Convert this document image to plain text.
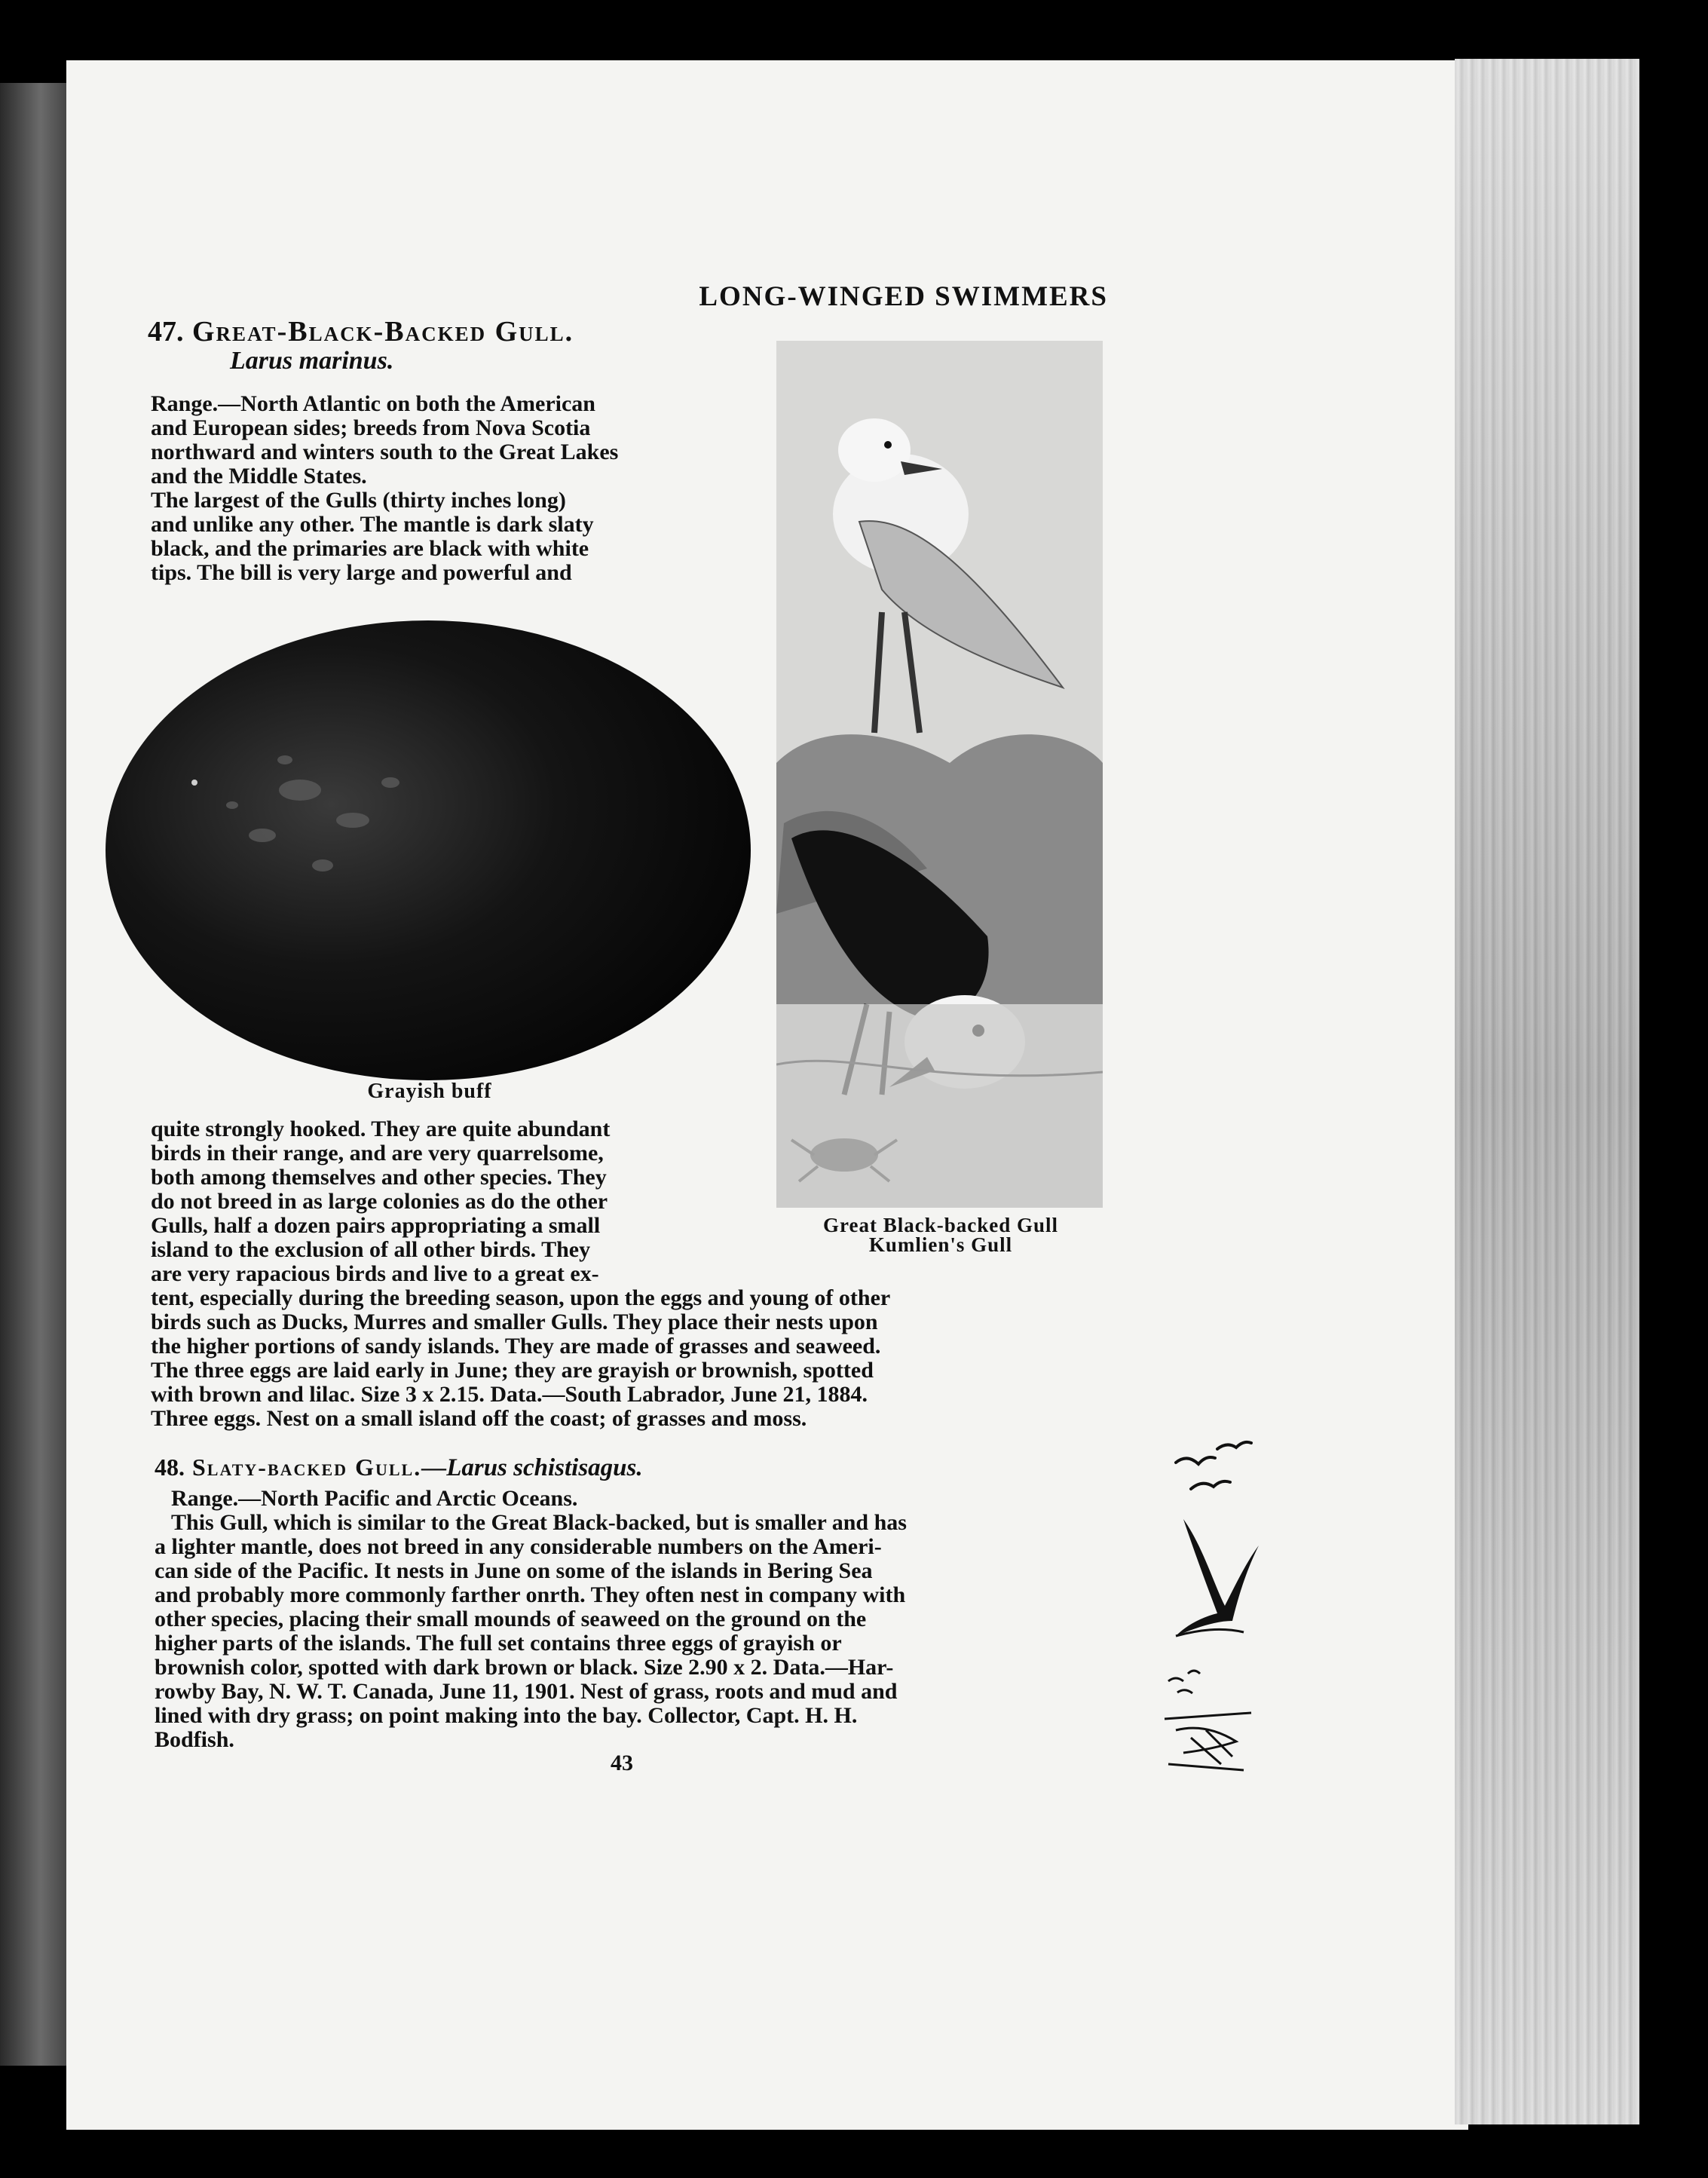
LONG-WINGED SWIMMERS
47. Great-Black-Backed Gull.
Larus marinus.
Range.—North Atlantic on both the American
and European sides; breeds from Nova Scotia
northward and winters south to the Great Lakes
and the Middle States.
The largest of the Gulls (thirty inches long)
and unlike any other. The mantle is dark slaty
black, and the primaries are black with white
tips. The bill is very large and powerful and
Grayish buff
Great Black-backed Gull
Kumlien's Gull
quite strongly hooked. They are quite abundant
birds in their range, and are very quarrelsome,
both among themselves and other species. They
do not breed in as large colonies as do the other
Gulls, half a dozen pairs appropriating a small
island to the exclusion of all other birds. They
are very rapacious birds and live to a great ex-
tent, especially during the breeding season, upon the eggs and young of other
birds such as Ducks, Murres and smaller Gulls. They place their nests upon
the higher portions of sandy islands. They are made of grasses and seaweed.
The three eggs are laid early in June; they are grayish or brownish, spotted
with brown and lilac. Size 3 x 2.15. Data.—South Labrador, June 21, 1884.
Three eggs. Nest on a small island off the coast; of grasses and moss.
48. Slaty-backed Gull.—Larus schistisagus.
Range.—North Pacific and Arctic Oceans.
This Gull, which is similar to the Great Black-backed, but is smaller and has
a lighter mantle, does not breed in any considerable numbers on the Ameri-
can side of the Pacific. It nests in June on some of the islands in Bering Sea
and probably more commonly farther onrth. They often nest in company with
other species, placing their small mounds of seaweed on the ground on the
higher parts of the islands. The full set contains three eggs of grayish or
brownish color, spotted with dark brown or black. Size 2.90 x 2. Data.—Har-
rowby Bay, N. W. T. Canada, June 11, 1901. Nest of grass, roots and mud and
lined with dry grass; on point making into the bay. Collector, Capt. H. H.
Bodfish.
43
